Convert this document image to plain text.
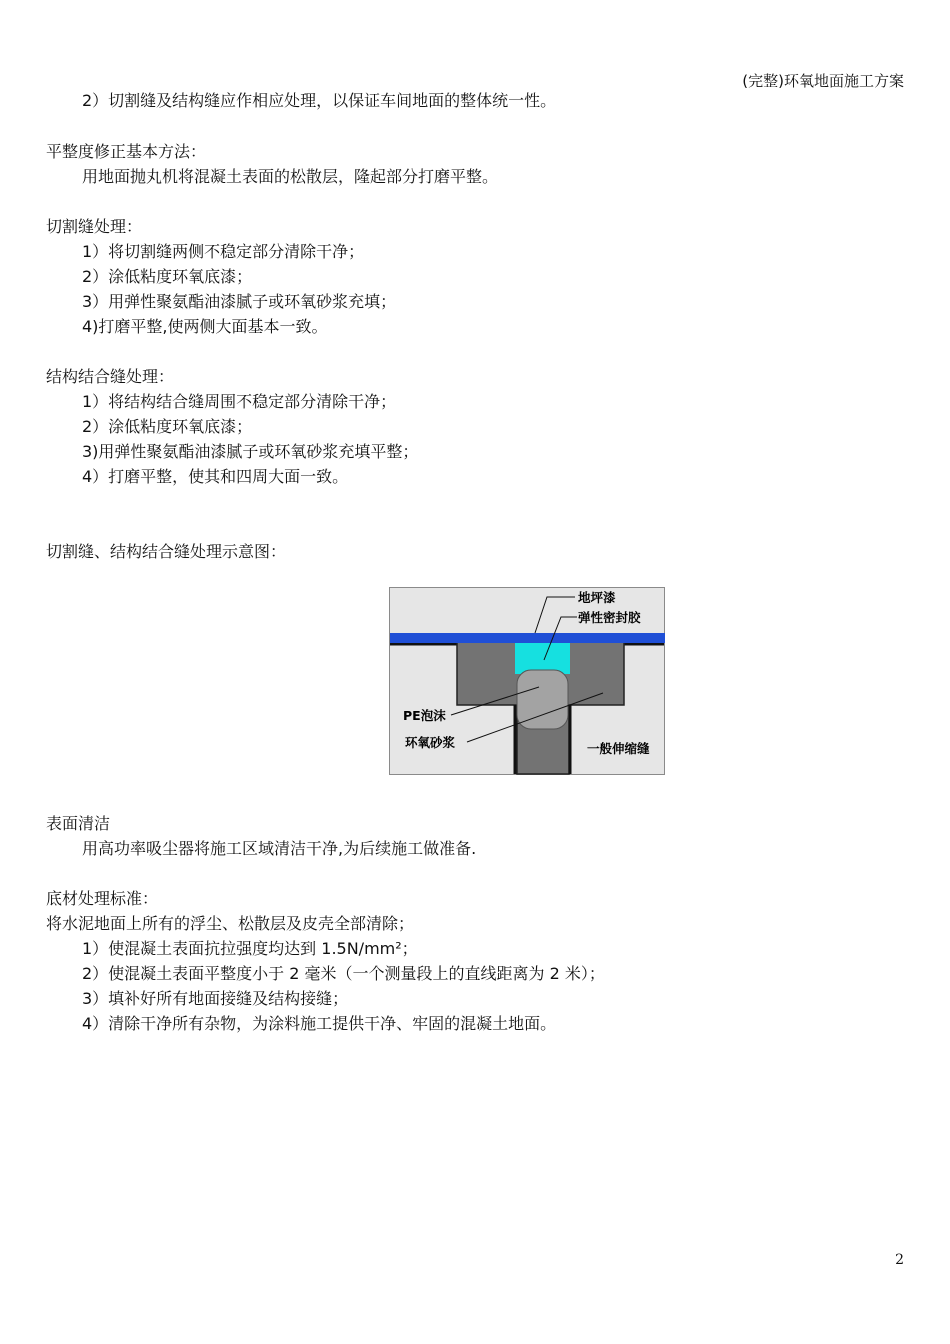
(完整)环氧地面施工方案
2）切割缝及结构缝应作相应处理，以保证车间地面的整体统一性。
平整度修正基本方法：
用地面抛丸机将混凝土表面的松散层，隆起部分打磨平整。
切割缝处理：
1）将切割缝两侧不稳定部分清除干净；
2）涂低粘度环氧底漆；
3）用弹性聚氨酯油漆腻子或环氧砂浆充填；
4)打磨平整,使两侧大面基本一致。
结构结合缝处理：
1）将结构结合缝周围不稳定部分清除干净；
2）涂低粘度环氧底漆；
3)用弹性聚氨酯油漆腻子或环氧砂浆充填平整；
4）打磨平整，使其和四周大面一致。
切割缝、结构结合缝处理示意图：
地坪漆
弹性密封胶
PE泡沫
环氧砂浆	一般伸缩缝
表面清洁
用高功率吸尘器将施工区域清洁干净,为后续施工做准备.
底材处理标准：
将水泥地面上所有的浮尘、松散层及皮壳全部清除；
1）使混凝土表面抗拉强度均达到 1.5N/mm²；
2）使混凝土表面平整度小于 2 毫米（一个测量段上的直线距离为 2 米）；
3）填补好所有地面接缝及结构接缝；
4）清除干净所有杂物，为涂料施工提供干净、牢固的混凝土地面。
2
